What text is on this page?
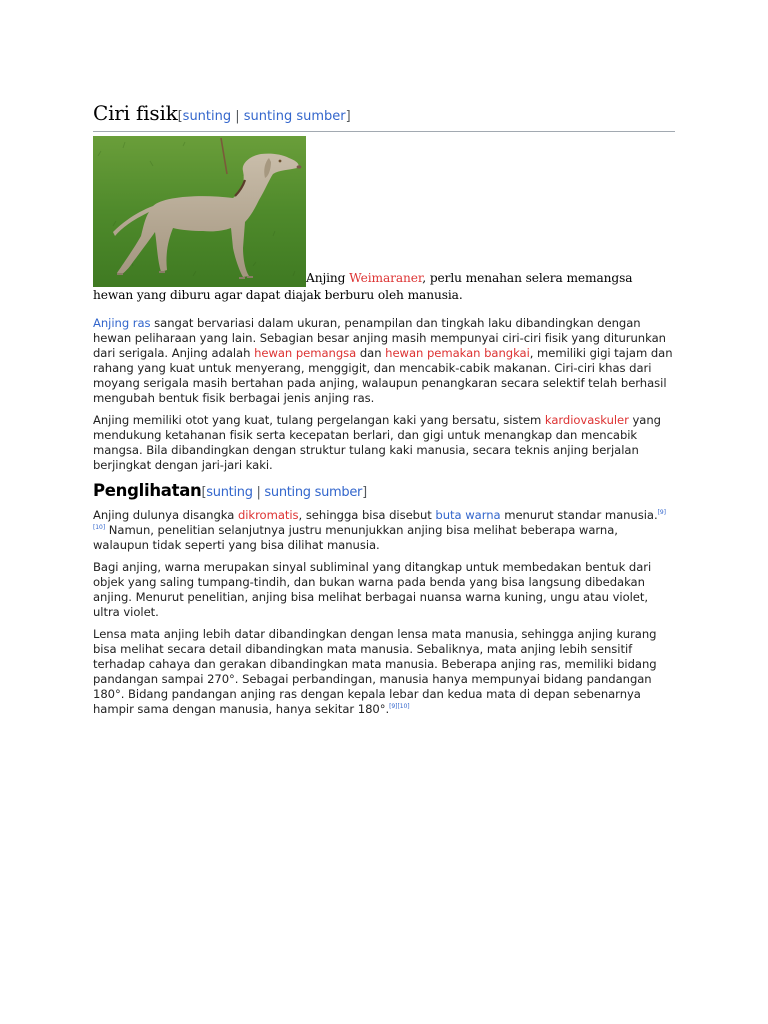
Ciri fisik[sunting | sunting sumber]
Anjing Weimaraner, perlu menahan selera memangsa hewan yang diburu agar dapat diajak berburu oleh manusia.

Anjing ras sangat bervariasi dalam ukuran, penampilan dan tingkah laku dibandingkan dengan hewan peliharaan yang lain. Sebagian besar anjing masih mempunyai ciri-ciri fisik yang diturunkan dari serigala. Anjing adalah hewan pemangsa dan hewan pemakan bangkai, memiliki gigi tajam dan rahang yang kuat untuk menyerang, menggigit, dan mencabik-cabik makanan. Ciri-ciri khas dari moyang serigala masih bertahan pada anjing, walaupun penangkaran secara selektif telah berhasil mengubah bentuk fisik berbagai jenis anjing ras.

Anjing memiliki otot yang kuat, tulang pergelangan kaki yang bersatu, sistem kardiovaskuler yang mendukung ketahanan fisik serta kecepatan berlari, dan gigi untuk menangkap dan mencabik mangsa. Bila dibandingkan dengan struktur tulang kaki manusia, secara teknis anjing berjalan berjingkat dengan jari-jari kaki.

Penglihatan[sunting | sunting sumber]

Anjing dulunya disangka dikromatis, sehingga bisa disebut buta warna menurut standar manusia.[9][10] Namun, penelitian selanjutnya justru menunjukkan anjing bisa melihat beberapa warna, walaupun tidak seperti yang bisa dilihat manusia.

Bagi anjing, warna merupakan sinyal subliminal yang ditangkap untuk membedakan bentuk dari objek yang saling tumpang-tindih, dan bukan warna pada benda yang bisa langsung dibedakan anjing. Menurut penelitian, anjing bisa melihat berbagai nuansa warna kuning, ungu atau violet, ultra violet.

Lensa mata anjing lebih datar dibandingkan dengan lensa mata manusia, sehingga anjing kurang bisa melihat secara detail dibandingkan mata manusia. Sebaliknya, mata anjing lebih sensitif terhadap cahaya dan gerakan dibandingkan mata manusia. Beberapa anjing ras, memiliki bidang pandangan sampai 270°. Sebagai perbandingan, manusia hanya mempunyai bidang pandangan 180°. Bidang pandangan anjing ras dengan kepala lebar dan kedua mata di depan sebenarnya hampir sama dengan manusia, hanya sekitar 180°.[9][10]
